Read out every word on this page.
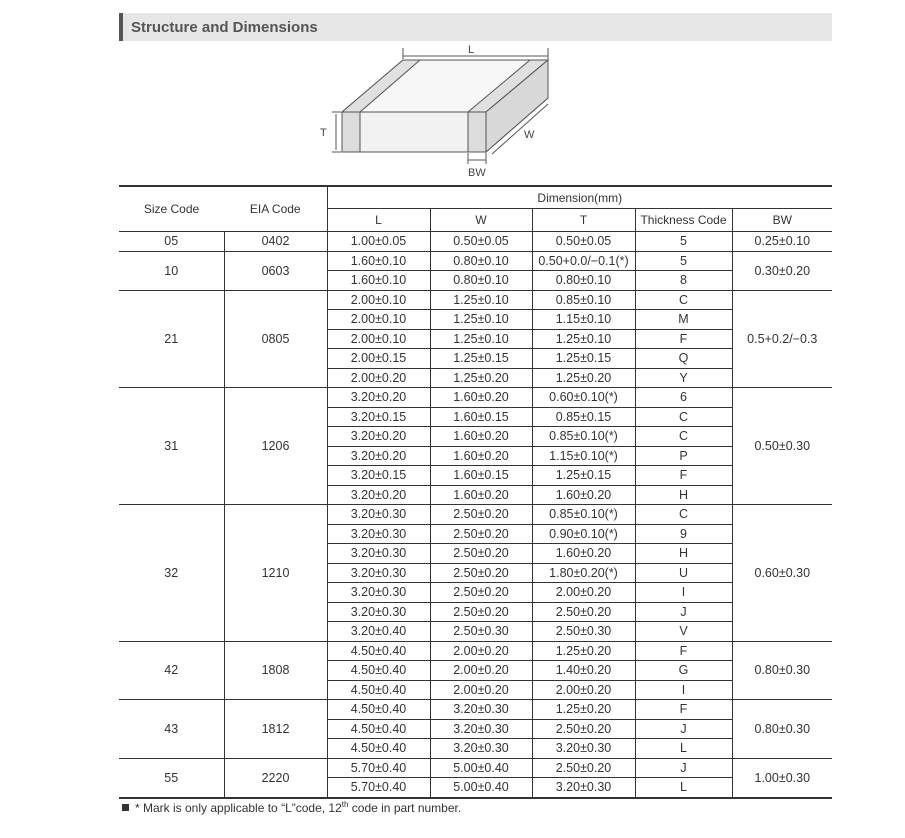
Structure and Dimensions
L
T	W
BW
Size Code	EIA Code	Dimension(mm)				
		L	W	T	Thickness Code	BW
05	0402	1.00±0.05	0.50±0.05	0.50±0.05	5	0.25±0.10
10	0603	1.60±0.10	0.80±0.10	0.50+0.0/−0.1(*)	5	0.30±0.20
		1.60±0.10	0.80±0.10	0.80±0.10	8	
21	0805	2.00±0.10	1.25±0.10	0.85±0.10	C	0.5+0.2/−0.3
		2.00±0.10	1.25±0.10	1.15±0.10	M	
		2.00±0.10	1.25±0.10	1.25±0.10	F	
		2.00±0.15	1.25±0.15	1.25±0.15	Q	
		2.00±0.20	1.25±0.20	1.25±0.20	Y	
31	1206	3.20±0.20	1.60±0.20	0.60±0.10(*)	6	0.50±0.30
		3.20±0.15	1.60±0.15	0.85±0.15	C	
		3.20±0.20	1.60±0.20	0.85±0.10(*)	C	
		3.20±0.20	1.60±0.20	1.15±0.10(*)	P	
		3.20±0.15	1.60±0.15	1.25±0.15	F	
		3.20±0.20	1.60±0.20	1.60±0.20	H	
32	1210	3.20±0.30	2.50±0.20	0.85±0.10(*)	C	0.60±0.30
		3.20±0.30	2.50±0.20	0.90±0.10(*)	9	
		3.20±0.30	2.50±0.20	1.60±0.20	H	
		3.20±0.30	2.50±0.20	1.80±0.20(*)	U	
		3.20±0.30	2.50±0.20	2.00±0.20	I	
		3.20±0.30	2.50±0.20	2.50±0.20	J	
		3.20±0.40	2.50±0.30	2.50±0.30	V	
42	1808	4.50±0.40	2.00±0.20	1.25±0.20	F	0.80±0.30
		4.50±0.40	2.00±0.20	1.40±0.20	G	
		4.50±0.40	2.00±0.20	2.00±0.20	I	
43	1812	4.50±0.40	3.20±0.30	1.25±0.20	F	0.80±0.30
		4.50±0.40	3.20±0.30	2.50±0.20	J	
		4.50±0.40	3.20±0.30	3.20±0.30	L	
55	2220	5.70±0.40	5.00±0.40	2.50±0.20	J	1.00±0.30
		5.70±0.40	5.00±0.40	3.20±0.30	L	
* Mark is only applicable to “L”code, 12th code in part number.
